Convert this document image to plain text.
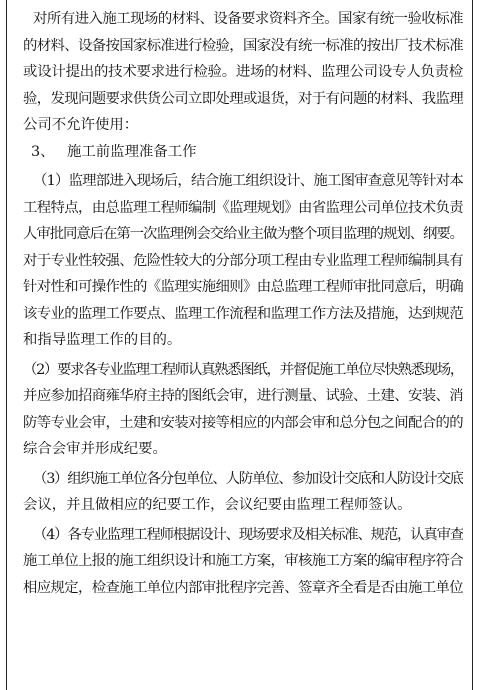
对所有进入施工现场的材料、设备要求资料齐全。国家有统一验收标准
的材料、设备按国家标准进行检验，国家没有统一标准的按出厂技术标准
或设计提出的技术要求进行检验。进场的材料、监理公司设专人负责检
验，发现问题要求供货公司立即处理或退货，对于有问题的材料、我监理
公司不允许使用：
3、 施工前监理准备工作
（1）监理部进入现场后，结合施工组织设计、施工图审查意见等针对本
工程特点，由总监理工程师编制《监理规划》由省监理公司单位技术负责
人审批同意后在第一次监理例会交给业主做为整个项目监理的规划、纲要。
对于专业性较强、危险性较大的分部分项工程由专业监理工程师编制具有
针对性和可操作性的《监理实施细则》由总监理工程师审批同意后，明确
该专业的监理工作要点、监理工作流程和监理工作方法及措施，达到规范
和指导监理工作的目的。
（2）要求各专业监理工程师认真熟悉图纸，并督促施工单位尽快熟悉现场，
并应参加招商雍华府主持的图纸会审，进行测量、试验、土建、安装、消
防等专业会审，土建和安装对接等相应的内部会审和总分包之间配合的的
综合会审并形成纪要。
（3）组织施工单位各分包单位、人防单位、参加设计交底和人防设计交底
会议，并且做相应的纪要工作，会议纪要由监理工程师签认。
（4）各专业监理工程师根据设计、现场要求及相关标准、规范，认真审查
施工单位上报的施工组织设计和施工方案，审核施工方案的编审程序符合
相应规定，检查施工单位内部审批程序完善、签章齐全看是否由施工单位
